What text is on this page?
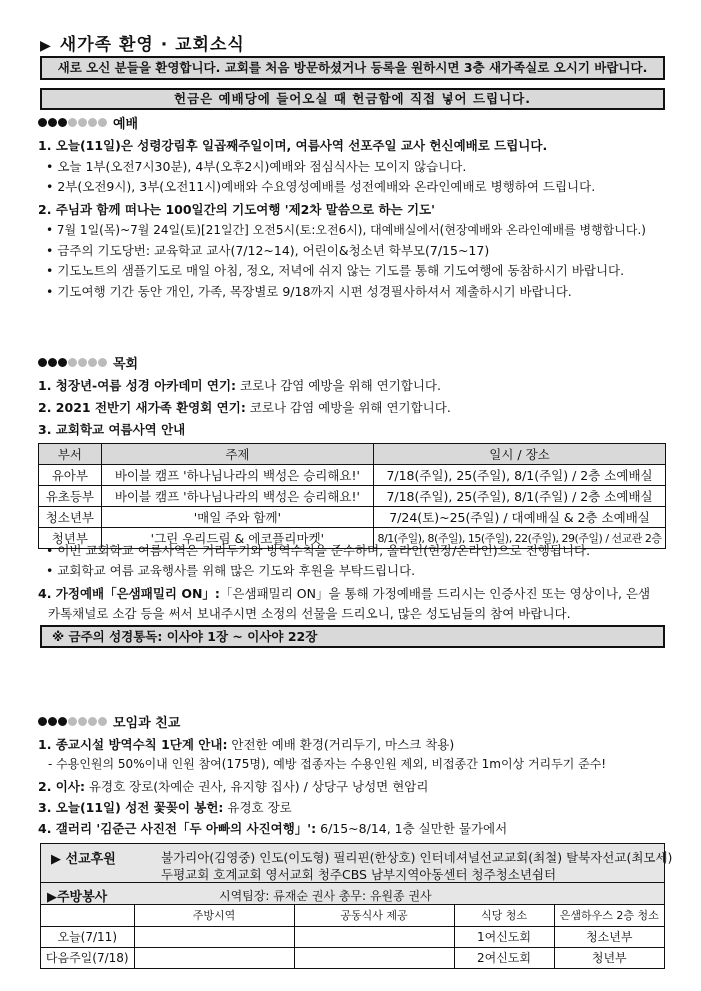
▶ 새가족 환영 · 교회소식
새로 오신 분들을 환영합니다. 교회를 처음 방문하셨거나 등록을 원하시면 3층 새가족실로 오시기 바랍니다.
헌금은 예배당에 들어오실 때 헌금함에 직접 넣어 드립니다.
예배
1. 오늘(11일)은 성령강림후 일곱째주일이며, 여름사역 선포주일 교사 헌신예배로 드립니다.
• 오늘 1부(오전7시30분), 4부(오후2시)예배와 점심식사는 모이지 않습니다.
• 2부(오전9시), 3부(오전11시)예배와 수요영성예배를 성전예배와 온라인예배로 병행하여 드립니다.
2. 주님과 함께 떠나는 100일간의 기도여행 '제2차 말씀으로 하는 기도'
• 7월 1일(목)~7월 24일(토)[21일간] 오전5시(토:오전6시), 대예배실에서(현장예배와 온라인예배를 병행합니다.)
• 금주의 기도당번: 교육학교 교사(7/12~14), 어린이&청소년 학부모(7/15~17)
• 기도노트의 샘플기도로 매일 아침, 정오, 저녁에 쉬지 않는 기도를 통해 기도여행에 동참하시기 바랍니다.
• 기도여행 기간 동안 개인, 가족, 목장별로 9/18까지 시편 성경필사하셔서 제출하시기 바랍니다.
목회
1. 청장년-여름 성경 아카데미 연기: 코로나 감염 예방을 위해 연기합니다.
2. 2021 전반기 새가족 환영회 연기: 코로나 감염 예방을 위해 연기합니다.
3. 교회학교 여름사역 안내
부서	주제	일시 / 장소
유아부	바이블 캠프 '하나님나라의 백성은 승리해요!'	7/18(주일), 25(주일), 8/1(주일) / 2층 소예배실
유초등부	바이블 캠프 '하나님나라의 백성은 승리해요!'	7/18(주일), 25(주일), 8/1(주일) / 2층 소예배실
청소년부	'매일 주와 함께'	7/24(토)~25(주일) / 대예배실 & 2층 소예배실
청년부	'그린 우리드림 & 에코플리마켓'	8/1(주일), 8(주일), 15(주일), 22(주일), 29(주일) / 선교관 2층
• 이번 교회학교 여름사역은 거리두기와 방역수칙을 준수하며, 올라인(현장/온라인)으로 진행됩니다.
• 교회학교 여름 교육행사를 위해 많은 기도와 후원을 부탁드립니다.
4. 가정예배「은샘패밀리 ON」:「은샘패밀리 ON」을 통해 가정예배를 드리시는 인증사진 또는 영상이나, 은샘
카톡채널로 소감 등을 써서 보내주시면 소정의 선물을 드리오니, 많은 성도님들의 참여 바랍니다.
※ 금주의 성경통독: 이사야 1장 ~ 이사야 22장
모임과 친교
1. 종교시설 방역수칙 1단계 안내: 안전한 예배 환경(거리두기, 마스크 착용)
- 수용인원의 50%이내 인원 참여(175명), 예방 접종자는 수용인원 제외, 비접종간 1m이상 거리두기 준수!
2. 이사: 유경호 장로(차예순 권사, 유지향 집사) / 상당구 낭성면 현암리
3. 오늘(11일) 성전 꽃꽂이 봉헌: 유경호 장로
4. 갤러리 '김준근 사진전「두 아빠의 사진여행」': 6/15~8/14, 1층 실만한 물가에서
▶ 선교후원	불가리아(김영중) 인도(이도형) 필리핀(한상호) 인터네셔널선교교회(최철) 탈북자선교(최모세)
두평교회 호계교회 영서교회 청주CBS 남부지역아동센터 청주청소년쉼터
▶주방봉사	시역팀장: 류재순 권사 총무: 유원종 권사
	주방시역	공동식사 제공	식당 청소	은샘하우스 2층 청소
오늘(7/11)			1여신도회	청소년부
다음주일(7/18)			2여신도회	청년부
